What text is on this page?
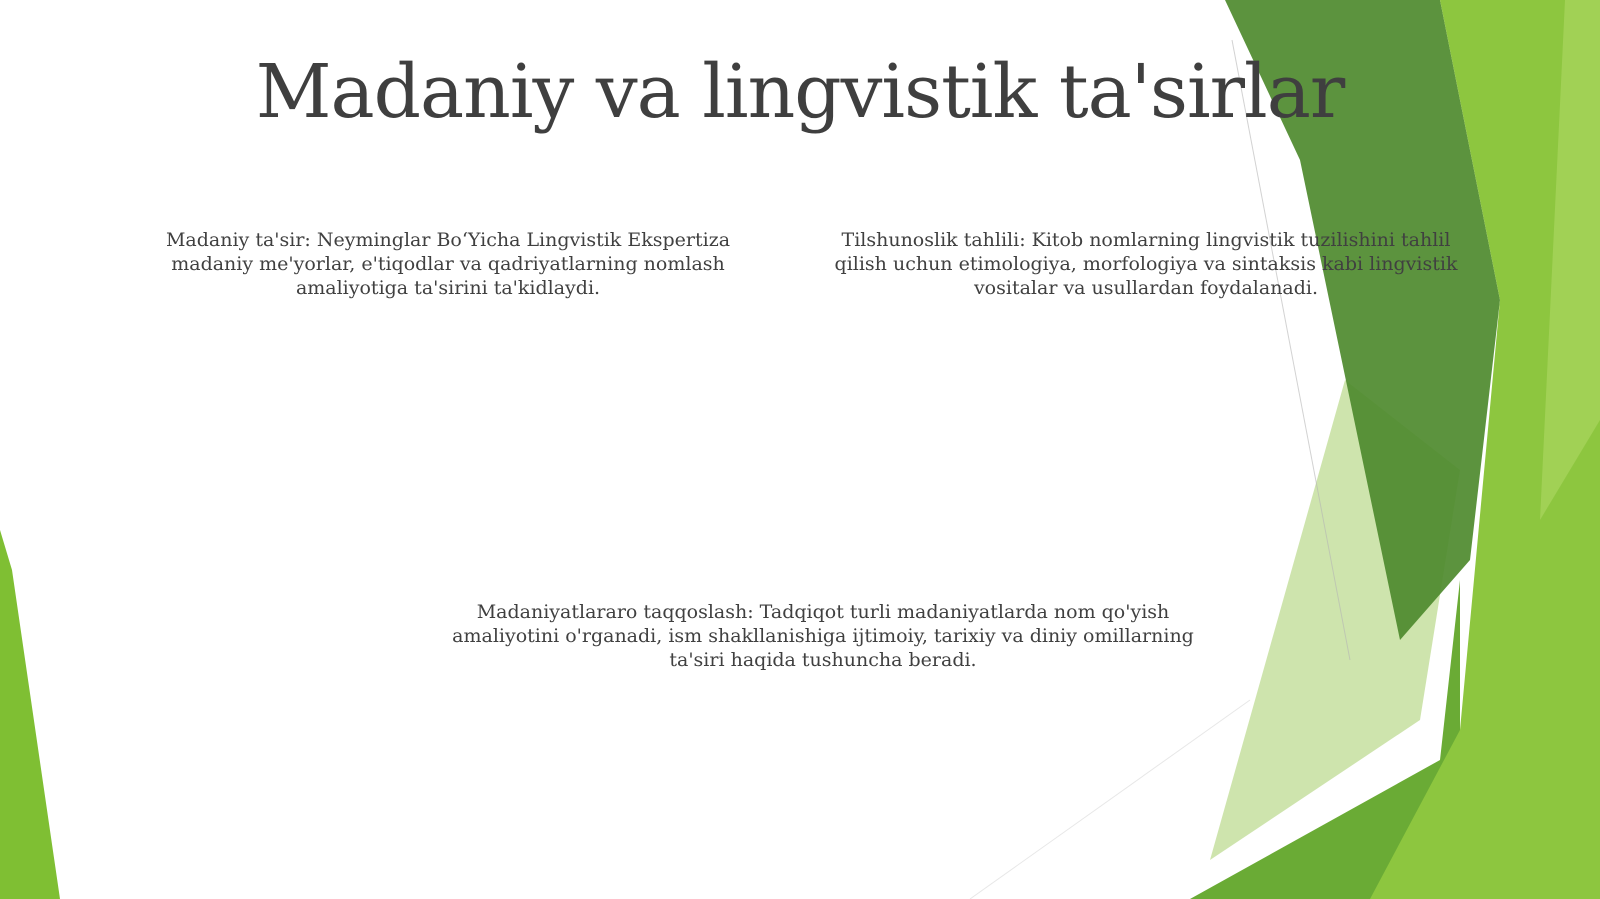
Madaniy va lingvistik ta'sirlar

Madaniy ta'sir: Neyminglar Bo‘Yicha Lingvistik Ekspertiza madaniy me'yorlar, e'tiqodlar va qadriyatlarning nomlash amaliyotiga ta'sirini ta'kidlaydi.

Tilshunoslik tahlili: Kitob nomlarning lingvistik tuzilishini tahlil qilish uchun etimologiya, morfologiya va sintaksis kabi lingvistik vositalar va usullardan foydalanadi.

Madaniyatlararo taqqoslash: Tadqiqot turli madaniyatlarda nom qo'yish amaliyotini o'rganadi, ism shakllanishiga ijtimoiy, tarixiy va diniy omillarning ta'siri haqida tushuncha beradi.
